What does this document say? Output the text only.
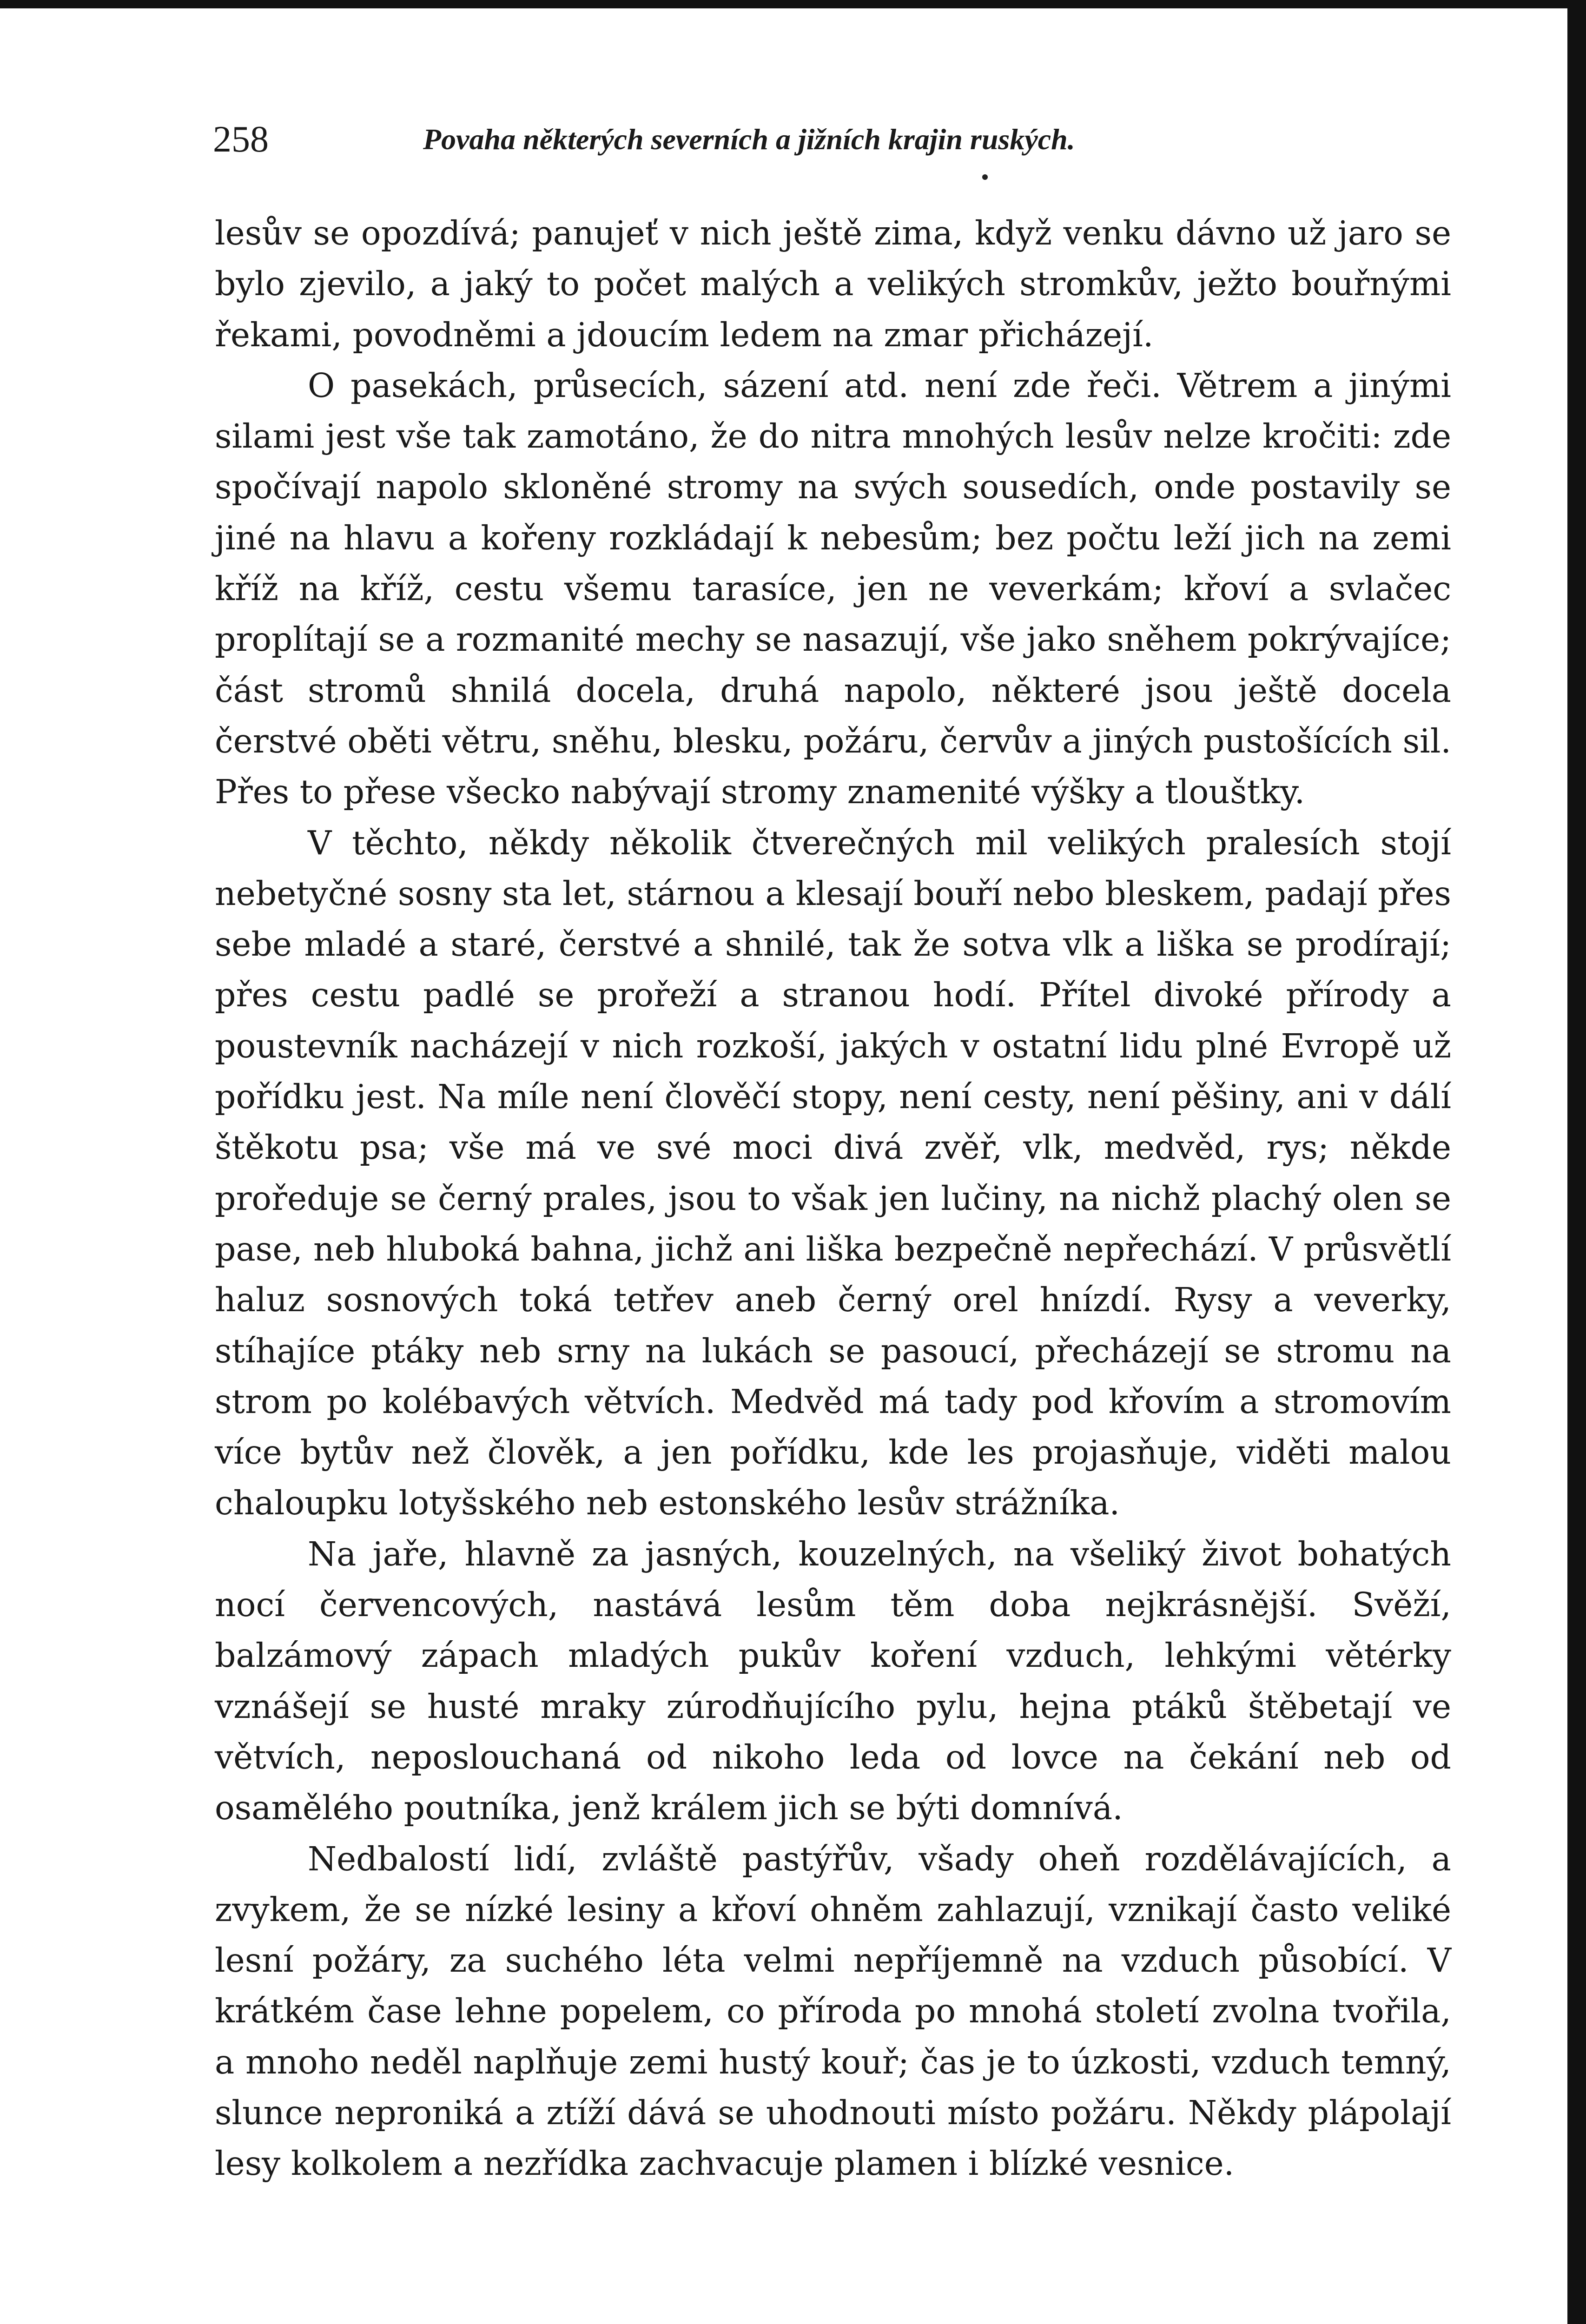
258	Povaha některých severních a jižních krajin ruských.

lesův se opozdívá; panujeť v nich ještě zima, když venku dávno už jaro se bylo zjevilo, a jaký to počet malých a velikých stromkův, ježto bouřnými řekami, povodněmi a jdoucím ledem na zmar přicházejí.

O pasekách, průsecích, sázení atd. není zde řeči. Větrem a jinými silami jest vše tak zamotáno, že do nitra mnohých lesův nelze kročiti: zde spočívají napolo skloněné stromy na svých sousedích, onde postavily se jiné na hlavu a kořeny rozkládají k nebesům; bez počtu leží jich na zemi kříž na kříž, cestu všemu tarasíce, jen ne veverkám; křoví a svlačec proplítají se a rozmanité mechy se nasazují, vše jako sněhem pokrývajíce; část stromů shnilá docela, druhá napolo, některé jsou ještě docela čerstvé oběti větru, sněhu, blesku, požáru, červův a jiných pustošících sil. Přes to přese všecko nabývají stromy znamenité výšky a tlouštky.

V těchto, někdy několik čtverečných mil velikých pralesích stojí nebetyčné sosny sta let, stárnou a klesají bouří nebo bleskem, padají přes sebe mladé a staré, čerstvé a shnilé, tak že sotva vlk a liška se prodírají; přes cestu padlé se prořeží a stranou hodí. Přítel divoké přírody a poustevník nacházejí v nich rozkoší, jakých v ostatní lidu plné Evropě už pořídku jest. Na míle není člověčí stopy, není cesty, není pěšiny, ani v dálí štěkotu psa; vše má ve své moci divá zvěř, vlk, medvěd, rys; někde proředuje se černý prales, jsou to však jen lučiny, na nichž plachý olen se pase, neb hluboká bahna, jichž ani liška bezpečně nepřechází. V průsvětlí haluz sosnových toká tetřev aneb černý orel hnízdí. Rysy a veverky, stíhajíce ptáky neb srny na lukách se pasoucí, přecházejí se stromu na strom po kolébavých větvích. Medvěd má tady pod křovím a stromovím více bytův než člověk, a jen pořídku, kde les projasňuje, viděti malou chaloupku lotyšského neb estonského lesův strážníka.

Na jaře, hlavně za jasných, kouzelných, na všeliký život bohatých nocí červencových, nastává lesům těm doba nejkrásnější. Svěží, balzámový zápach mladých pukův koření vzduch, lehkými větérky vznášejí se husté mraky zúrodňujícího pylu, hejna ptáků štěbetají ve větvích, neposlouchaná od nikoho leda od lovce na čekání neb od osamělého poutníka, jenž králem jich se býti domnívá.

Nedbalostí lidí, zvláště pastýřův, všady oheň rozdělávajících, a zvykem, že se nízké lesiny a křoví ohněm zahlazují, vznikají často veliké lesní požáry, za suchého léta velmi nepříjemně na vzduch působící. V krátkém čase lehne popelem, co příroda po mnohá století zvolna tvořila, a mnoho neděl naplňuje zemi hustý kouř; čas je to úzkosti, vzduch temný, slunce neproniká a ztíží dává se uhodnouti místo požáru. Někdy plápolají lesy kolkolem a nezřídka zachvacuje plamen i blízké vesnice.
